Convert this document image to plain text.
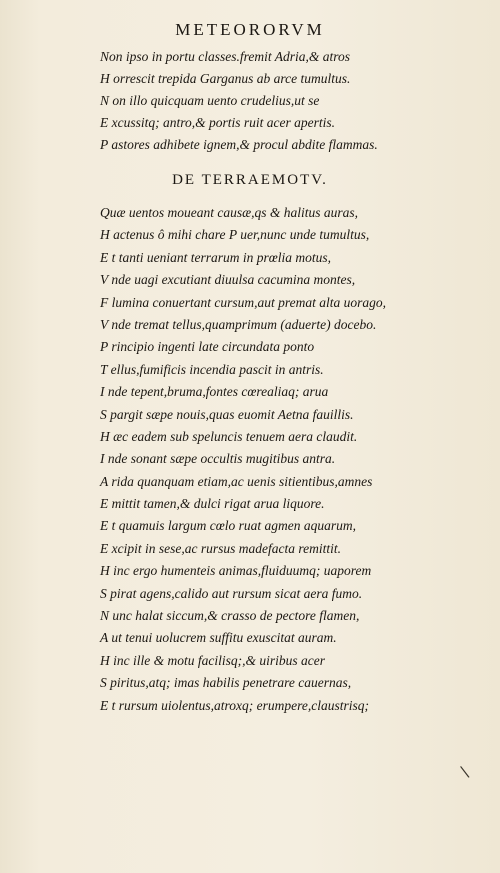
METEORORVM
Non ipso in portu classes.fremit Adria,& atros
H orrescit trepida Garganus ab arce tumultus.
N on illo quicquam uento crudelius,ut se
E xcussitq; antro,& portis ruit acer apertis.
P astores adhibete ignem,& procul abdite flammas.
DE TERRAEMOTV.
Quæ uentos moueant causæ,qs & halitus auras,
H actenus ô mihi chare P uer,nunc unde tumultus,
E t tanti ueniant terrarum in prœlia motus,
V nde uagi excutiant diuulsa cacumina montes,
F lumina conuertant cursum,aut premat alta uorago,
V nde tremat tellus,quamprimum (aduerte) docebo.
P rincipio ingenti late circundata ponto
T ellus,fumificis incendia pascit in antris.
I nde tepent,bruma,fontes cœrealiaq; arua
S pargit sæpe nouis,quas euomit Aetna fauillis.
H æc eadem sub speluncis tenuem aera claudit.
I nde sonant sæpe occultis mugitibus antra.
A rida quanquam etiam,ac uenis sitientibus,amnes
E mittit tamen,& dulci rigat arua liquore.
E t quamuis largum cœlo ruat agmen aquarum,
E xcipit in sese,ac rursus madefacta remittit.
H inc ergo humenteis animas,fluiduumq; uaporem
S pirat agens,calido aut rursum sicat aera fumo.
N unc halat siccum,& crasso de pectore flamen,
A ut tenui uolucrem suffitu exuscitat auram.
H inc ille & motu facilisq;,& uiribus acer
S piritus,atq; imas habilis penetrare cauernas,
E t rursum uiolentus,atroxq; erumpere,claustrisq;
\
